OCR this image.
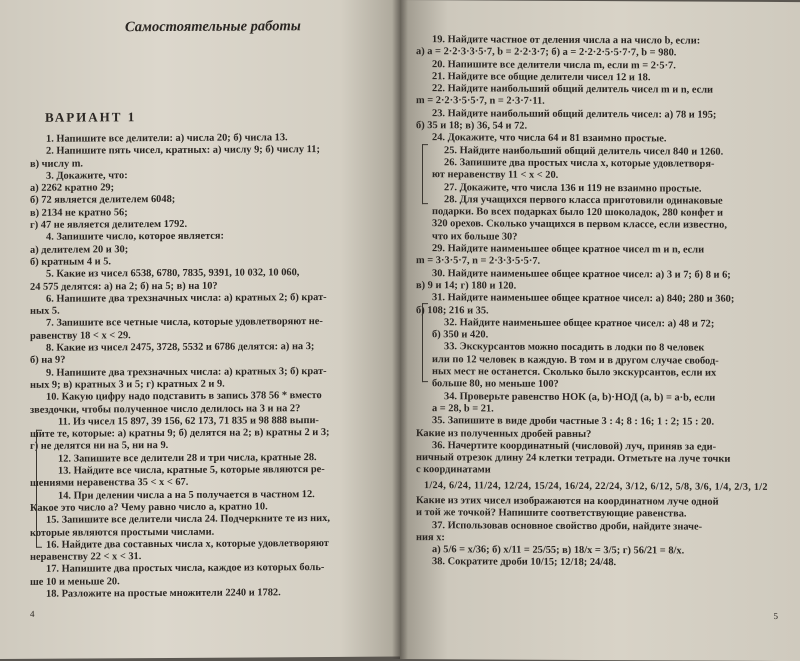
Самостоятельные работы
ВАРИАНТ 1
1. Напишите все делители: а) числа 20; б) числа 13.
2. Напишите пять чисел, кратных: а) числу 9; б) числу 11;
в) числу m.
3. Докажите, что:
а) 2262 кратно 29;
б) 72 является делителем 6048;
в) 2134 не кратно 56;
г) 47 не является делителем 1792.
4. Запишите число, которое является:
а) делителем 20 и 30;
б) кратным 4 и 5.
5. Какие из чисел 6538, 6780, 7835, 9391, 10 032, 10 060,
24 575 делятся: а) на 2; б) на 5; в) на 10?
6. Напишите два трехзначных числа: а) кратных 2; б) крат-
ных 5.
7. Запишите все четные числа, которые удовлетворяют не-
равенству 18 < x < 29.
8. Какие из чисел 2475, 3728, 5532 и 6786 делятся: а) на 3;
б) на 9?
9. Напишите два трехзначных числа: а) кратных 3; б) крат-
ных 9; в) кратных 3 и 5; г) кратных 2 и 9.
10. Какую цифру надо подставить в запись 378 56 * вместо
звездочки, чтобы полученное число делилось на 3 и на 2?
11. Из чисел 15 897, 39 156, 62 173, 71 835 и 98 888 выпи-
шите те, которые: а) кратны 9; б) делятся на 2; в) кратны 2 и 3;
г) не делятся ни на 5, ни на 9.
12. Запишите все делители 28 и три числа, кратные 28.
13. Найдите все числа, кратные 5, которые являются ре-
шениями неравенства 35 < x < 67.
14. При делении числа a на 5 получается в частном 12.
Какое это число a? Чему равно число a, кратно 10.
15. Запишите все делители числа 24. Подчеркните те из них,
которые являются простыми числами.
16. Найдите два составных числа x, которые удовлетворяют
неравенству 22 < x < 31.
17. Напишите два простых числа, каждое из которых боль-
ше 10 и меньше 20.
18. Разложите на простые множители 2240 и 1782.
4
19. Найдите частное от деления числа a на число b, если:
а) a = 2·2·3·3·5·7, b = 2·2·3·7; б) a = 2·2·2·5·5·7·7, b = 980.
20. Напишите все делители числа m, если m = 2·5·7.
21. Найдите все общие делители чисел 12 и 18.
22. Найдите наибольший общий делитель чисел m и n, если
m = 2·2·3·5·5·7, n = 2·3·7·11.
23. Найдите наибольший общий делитель чисел: а) 78 и 195;
б) 35 и 18; в) 36, 54 и 72.
24. Докажите, что числа 64 и 81 взаимно простые.
25. Найдите наибольший общий делитель чисел 840 и 1260.
26. Запишите два простых числа x, которые удовлетворя-
ют неравенству 11 < x < 20.
27. Докажите, что числа 136 и 119 не взаимно простые.
28. Для учащихся первого класса приготовили одинаковые
подарки. Во всех подарках было 120 шоколадок, 280 конфет и
320 орехов. Сколько учащихся в первом классе, если известно,
что их больше 30?
29. Найдите наименьшее общее кратное чисел m и n, если
m = 3·3·5·7, n = 2·3·3·5·5·7.
30. Найдите наименьшее общее кратное чисел: а) 3 и 7; б) 8 и 6;
в) 9 и 14; г) 180 и 120.
31. Найдите наименьшее общее кратное чисел: а) 840; 280 и 360;
б) 108; 216 и 35.
32. Найдите наименьшее общее кратное чисел: а) 48 и 72;
б) 350 и 420.
33. Экскурсантов можно посадить в лодки по 8 человек
или по 12 человек в каждую. В том и в другом случае свобод-
ных мест не останется. Сколько было экскурсантов, если их
больше 80, но меньше 100?
34. Проверьте равенство НОК (a, b)·НОД (a, b) = a·b, если
a = 28, b = 21.
35. Запишите в виде дроби частные 3 : 4; 8 : 16; 1 : 2; 15 : 20.
Какие из полученных дробей равны?
36. Начертите координатный (числовой) луч, приняв за еди-
ничный отрезок длину 24 клетки тетради. Отметьте на луче точки
с координатами
1/24, 6/24, 11/24, 12/24, 15/24, 16/24, 22/24, 3/12, 6/12, 5/8, 3/6, 1/4, 2/3, 1/2
Какие из этих чисел изображаются на координатном луче одной
и той же точкой? Напишите соответствующие равенства.
37. Использовав основное свойство дроби, найдите значе-
ния x:
а) 5/6 = x/36; б) x/11 = 25/55; в) 18/x = 3/5; г) 56/21 = 8/x.
38. Сократите дроби 10/15; 12/18; 24/48.
5
